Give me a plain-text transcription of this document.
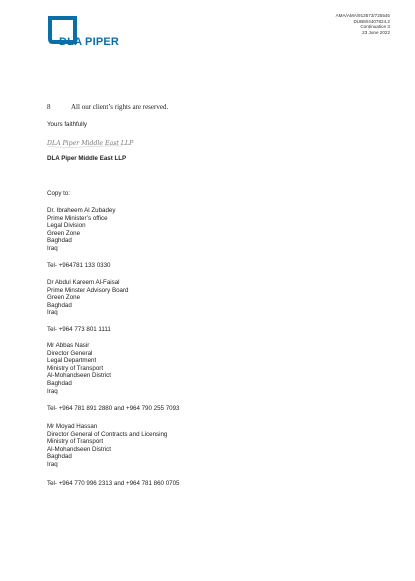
DLA PIPER
AMA/AMA/913573/725545
DUBM/4407824.2
Continuation 3
23 June 2022
8	All our client’s rights are reserved.
Yours faithfully
DLA Piper Middle East LLP
DLA Piper Middle East LLP
Copy to:
Dr. Ibraheem Al Zubadey
Prime Minister’s office
Legal Division
Green Zone
Baghdad
Iraq
Tel- +964781 133 0330
Dr Abdul Kareem Al-Faisal
Prime Minster Advisory Board
Green Zone
Baghdad
Iraq
Tel- +964 773 801 1111
Mr Abbas Nasir
Director General
Legal Department
Ministry of Transport
Al-Mohandseen District
Baghdad
Iraq
Tel- +964 781 891 2880 and +964 790 255 7093
Mr Moyad Hassan
Director General of Contracts and Licensing
Ministry of Transport
Al-Mohandseen District
Baghdad
Iraq
Tel- +964 770 996 2313 and +964 781 860 0705
